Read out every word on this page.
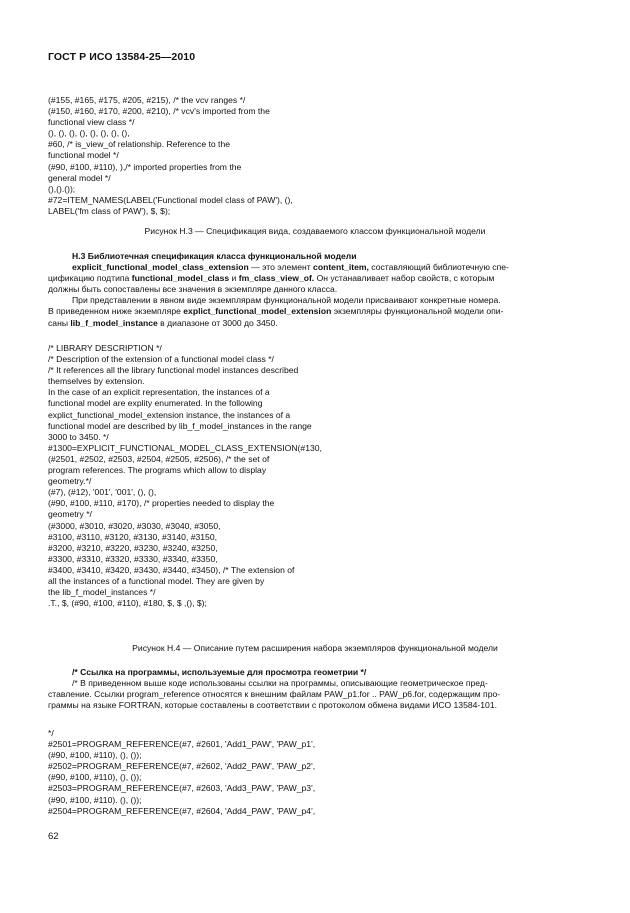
ГОСТ Р ИСО 13584-25—2010
(#155, #165, #175, #205, #215), /* the vcv ranges */
(#150, #160, #170, #200, #210), /* vcv's imported from the
functional view class */
(), (), (), (), (), (), (), (),
#60, /* is_view_of relationship. Reference to the
functional model */
(#90, #100, #110), ),/* imported properties from the
general model */
(),().());
#72=ITEM_NAMES(LABEL('Functional model class of PAW'), (),
LABEL('fm class of PAW'), $, $);
Рисунок Н.3 — Спецификация вида, создаваемого классом функциональной модели
Н.3 Библиотечная спецификация класса функциональной модели
explicit_functional_model_class_extension — это элемент content_item, составляющий библиотечную спе-
цификацию подтипа functional_model_class и fm_class_view_of. Он устанавливает набор свойств, с которым
должны быть сопоставлены все значения в экземпляре данного класса.
При представлении в явном виде экземплярам функциональной модели присваивают конкретные номера.
В приведенном ниже экземпляре explict_functional_model_extension экземпляры функциональной модели опи-
саны lib_f_model_instance в диапазоне от 3000 до 3450.
/* LIBRARY DESCRIPTION */
/* Description of the extension of a functional model class */
/* It references all the library functional model instances described
themselves by extension.
In the case of an explicit representation, the instances of a
functional model are explity enumerated. In the following
explict_functional_model_extension instance, the instances of a
functional model are described by lib_f_model_instances in the range
3000 to 3450. */
#1300=EXPLICIT_FUNCTIONAL_MODEL_CLASS_EXTENSION(#130,
(#2501, #2502, #2503, #2504, #2505, #2506), /* the set of
program references. The programs which allow to display
geometry.*/
(#7), (#12), '001', '001', (), (),
(#90, #100, #110, #170), /* properties needed to display the
geometry */
(#3000, #3010, #3020, #3030, #3040, #3050,
#3100, #3110, #3120, #3130, #3140, #3150,
#3200, #3210, #3220, #3230, #3240, #3250,
#3300, #3310, #3320, #3330, #3340, #3350,
#3400, #3410, #3420, #3430, #3440, #3450), /* The extension of
all the instances of a functional model. They are given by
the lib_f_model_instances */
.T., $, (#90, #100, #110), #180, $, $ ,(), $);
Рисунок Н.4 — Описание путем расширения набора экземпляров функциональной модели
/* Ссылка на программы, используемые для просмотра геометрии */
/* В приведенном выше коде использованы ссылки на программы, описывающие геометрическое пред-
ставление. Ссылки program_reference относятся к внешним файлам PAW_p1.for .. PAW_p6.for, содержащим про-
граммы на языке FORTRAN, которые составлены в соответствии с протоколом обмена видами ИСО 13584-101.
*/
#2501=PROGRAM_REFERENCE(#7, #2601, 'Add1_PAW', 'PAW_p1',
(#90, #100, #110), (), ());
#2502=PROGRAM_REFERENCE(#7, #2602, 'Add2_PAW', 'PAW_p2',
(#90, #100, #110), (), ());
#2503=PROGRAM_REFERENCE(#7, #2603, 'Add3_PAW', 'PAW_p3',
(#90, #100, #110). (), ());
#2504=PROGRAM_REFERENCE(#7, #2604, 'Add4_PAW', 'PAW_p4',
62
